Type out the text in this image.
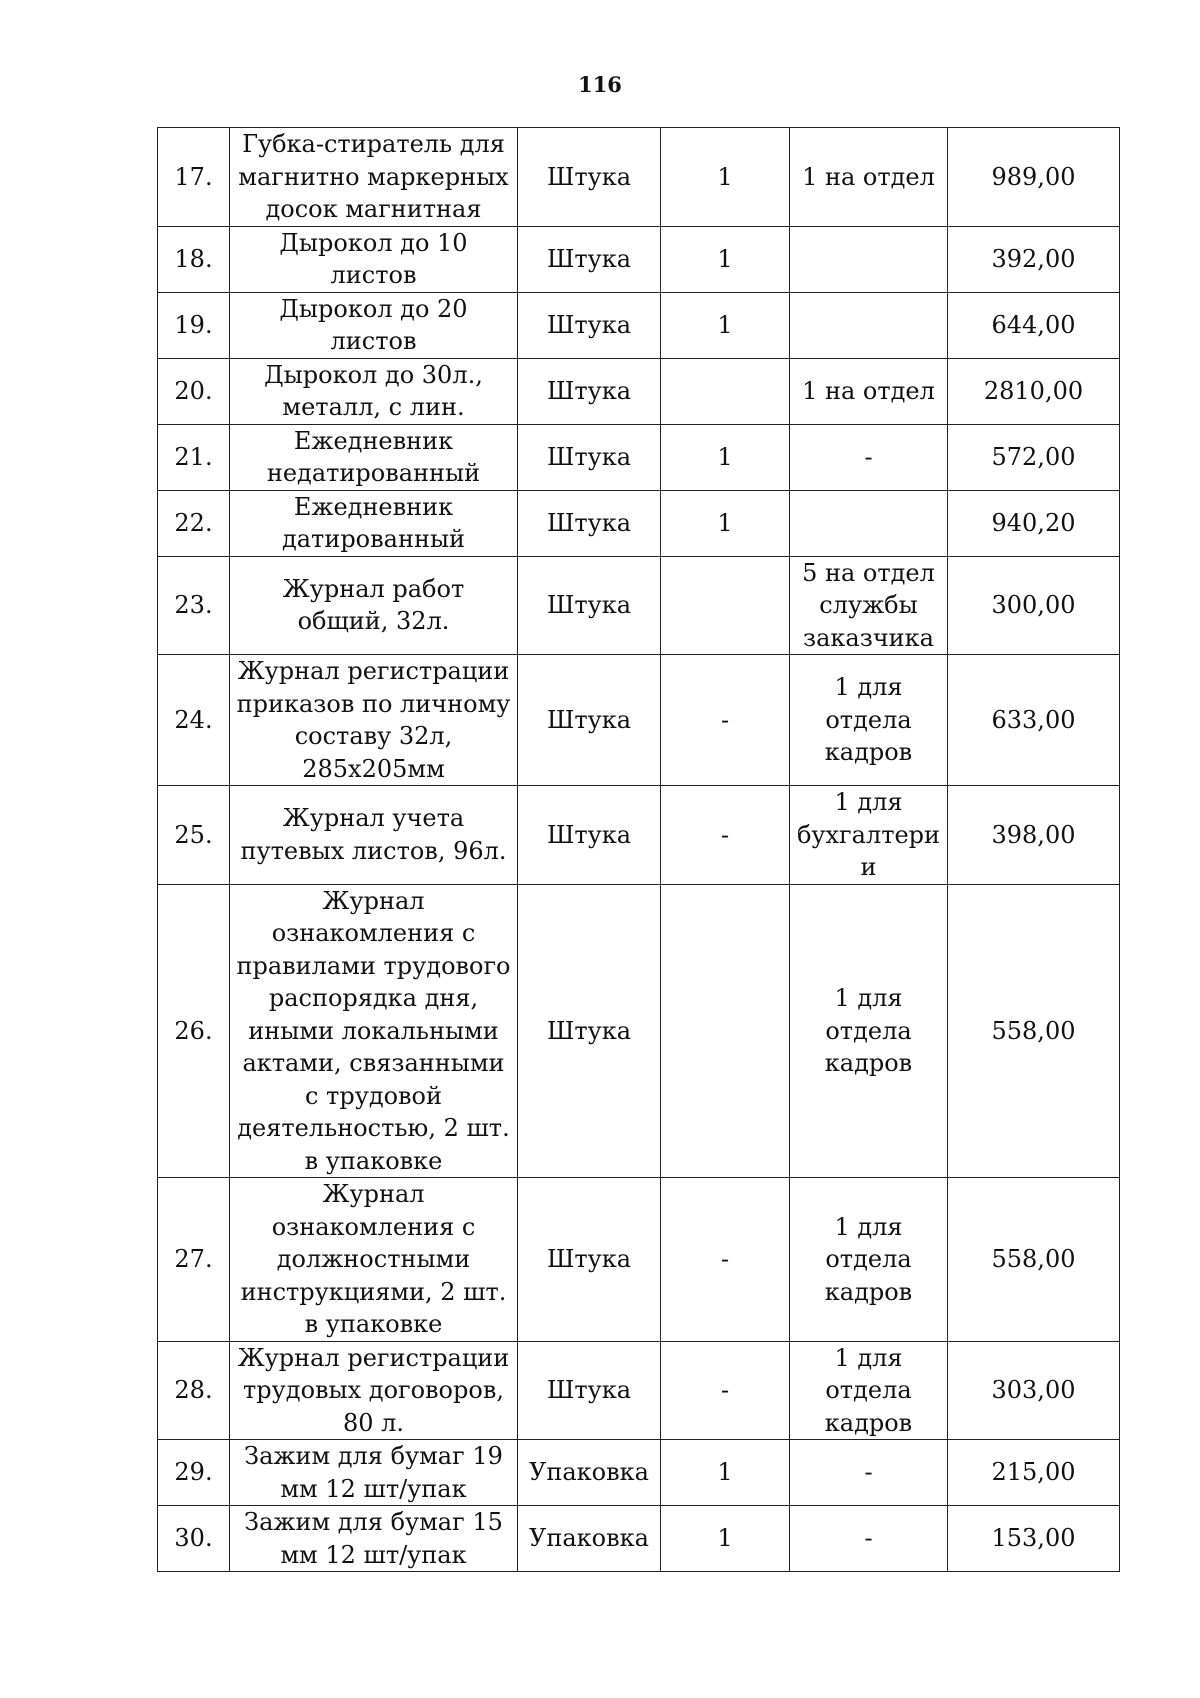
116
17.	Губка-стиратель для магнитно маркерных досок магнитная	Штука	1	1 на отдел	989,00
18.	Дырокол до 10 листов	Штука	1		392,00
19.	Дырокол до 20 листов	Штука	1		644,00
20.	Дырокол до 30л., металл, с лин.	Штука		1 на отдел	2810,00
21.	Ежедневник недатированный	Штука	1	-	572,00
22.	Ежедневник датированный	Штука	1		940,20
23.	Журнал работ общий, 32л.	Штука		5 на отдел службы заказчика	300,00
24.	Журнал регистрации приказов по личному составу 32л, 285х205мм	Штука	-	1 для отдела кадров	633,00
25.	Журнал учета путевых листов, 96л.	Штука	-	1 для бухгалтери и	398,00
26.	Журнал ознакомления с правилами трудового распорядка дня, иными локальными актами, связанными с трудовой деятельностью, 2 шт. в упаковке	Штука		1 для отдела кадров	558,00
27.	Журнал ознакомления с должностными инструкциями, 2 шт. в упаковке	Штука	-	1 для отдела кадров	558,00
28.	Журнал регистрации трудовых договоров, 80 л.	Штука	-	1 для отдела кадров	303,00
29.	Зажим для бумаг 19 мм 12 шт/упак	Упаковка	1	-	215,00
30.	Зажим для бумаг 15 мм 12 шт/упак	Упаковка	1	-	153,00
